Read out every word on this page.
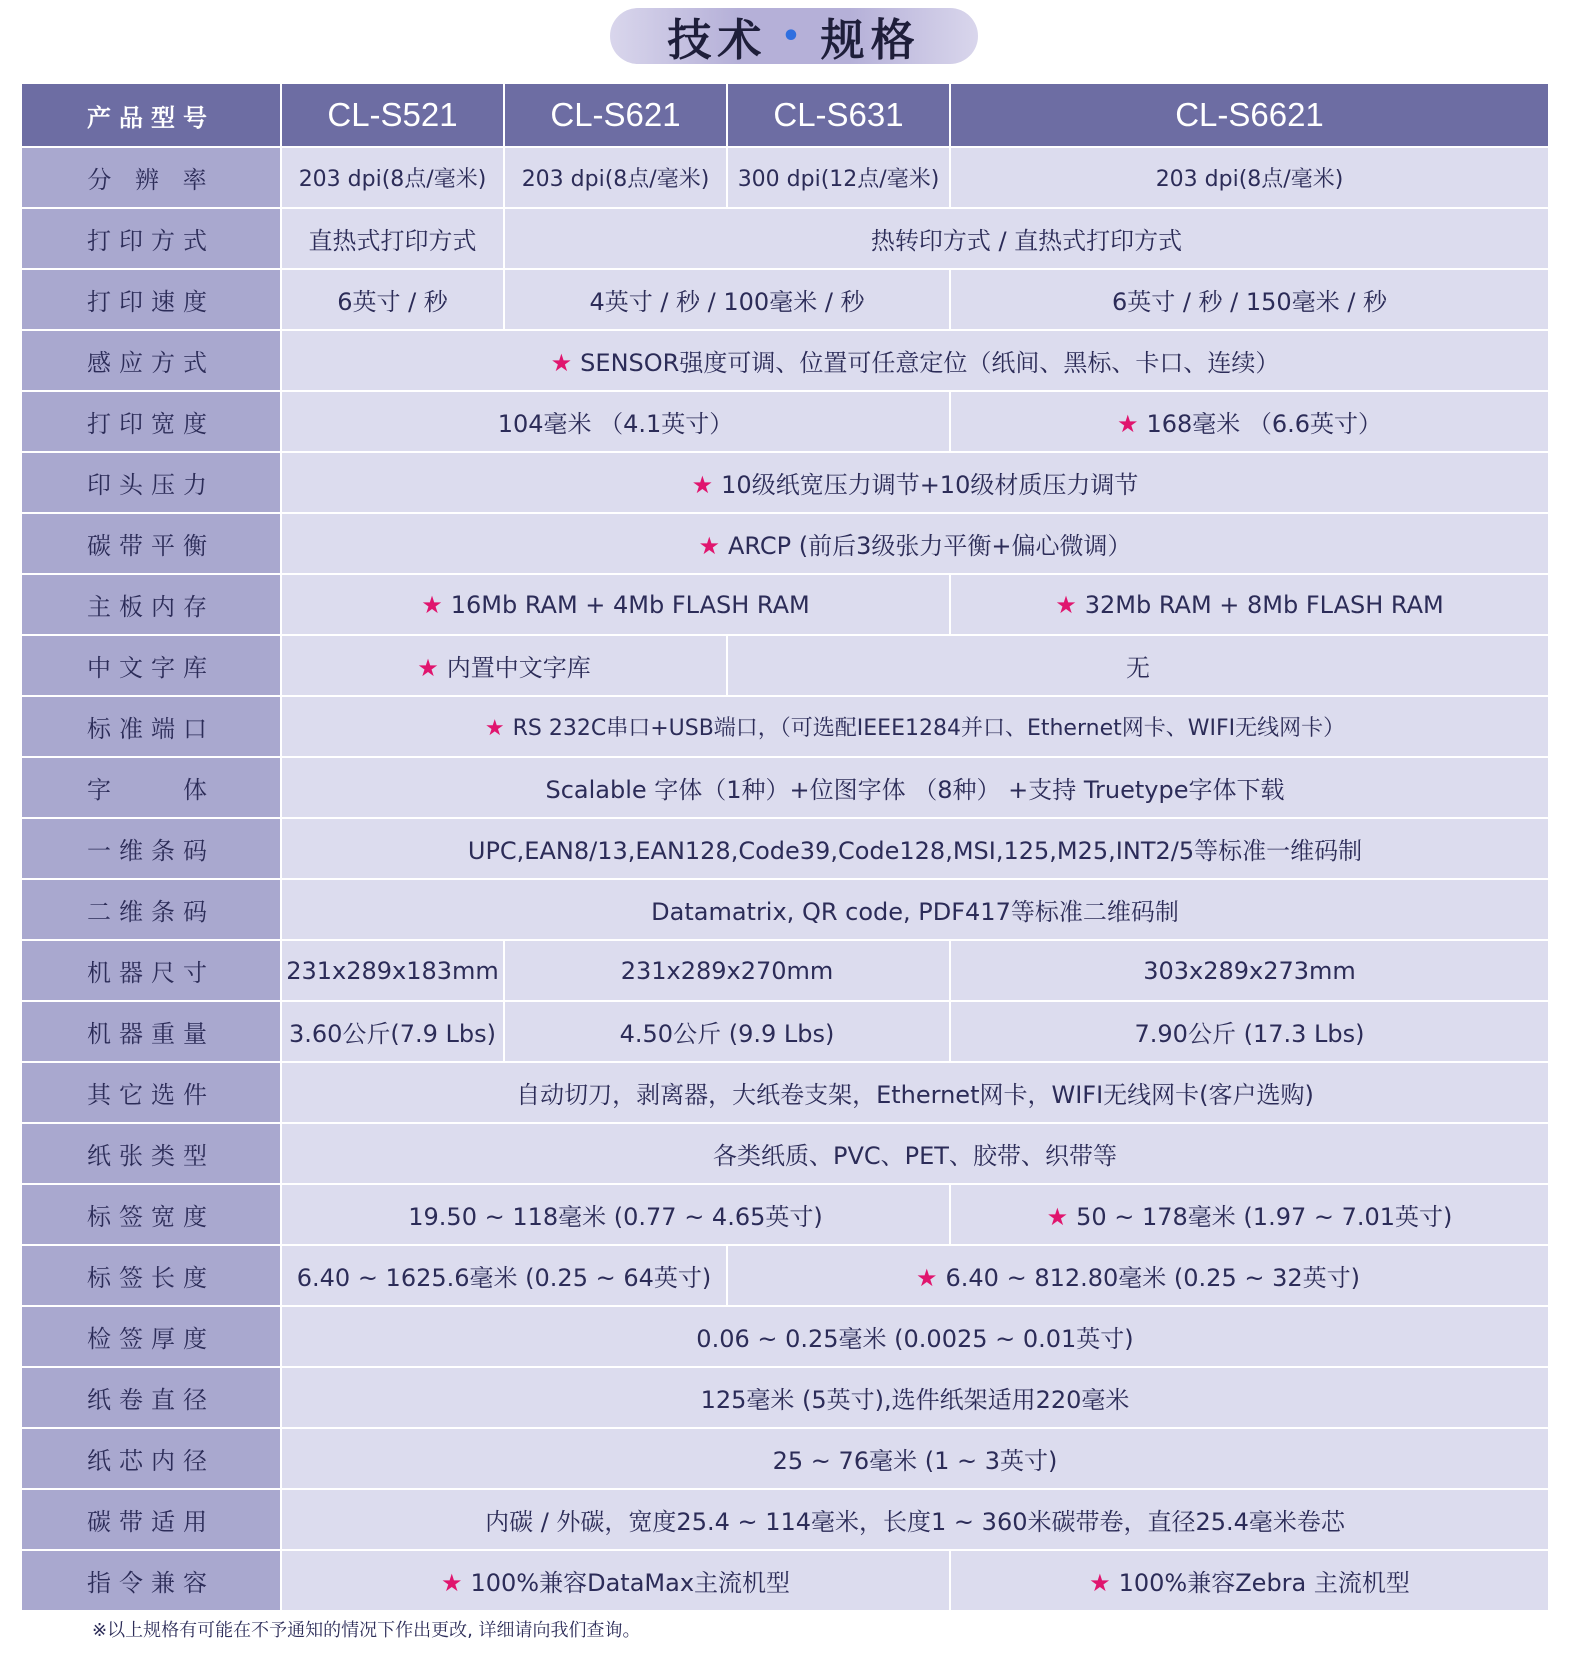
技术 • 规格
产品型号	CL-S521	CL-S621	CL-S631	CL-S6621
分 辨 率	203 dpi(8点/毫米)	203 dpi(8点/毫米)	300 dpi(12点/毫米)	203 dpi(8点/毫米)
打印方式	直热式打印方式	热转印方式 / 直热式打印方式		
打印速度	6英寸 / 秒	4英寸 / 秒 / 100毫米 / 秒		6英寸 / 秒 / 150毫米 / 秒
感应方式	★ SENSOR强度可调、位置可任意定位（纸间、黑标、卡口、连续）			
打印宽度	104毫米 （4.1英寸）			★ 168毫米 （6.6英寸）
印头压力	★ 10级纸宽压力调节+10级材质压力调节			
碳带平衡	★ ARCP (前后3级张力平衡+偏心微调）			
主板内存	★ 16Mb RAM + 4Mb FLASH RAM			★ 32Mb RAM + 8Mb FLASH RAM
中文字库	★ 内置中文字库		无	
标准端口	★ RS 232C串口+USB端口，（可选配IEEE1284并口、Ethernet网卡、WIFI无线网卡）			
字　　体	Scalable 字体（1种）+位图字体 （8种） +支持 Truetype字体下载			
一维条码	UPC,EAN8/13,EAN128,Code39,Code128,MSI,125,M25,INT2/5等标准一维码制			
二维条码	Datamatrix, QR code, PDF417等标准二维码制			
机器尺寸	231x289x183mm	231x289x270mm		303x289x273mm
机器重量	3.60公斤(7.9 Lbs)	4.50公斤 (9.9 Lbs)		7.90公斤 (17.3 Lbs)
其它选件	自动切刀，剥离器，大纸卷支架，Ethernet网卡，WIFI无线网卡(客户选购)			
纸张类型	各类纸质、PVC、PET、胶带、织带等			
标签宽度	19.50 ~ 118毫米 (0.77 ~ 4.65英寸)			★ 50 ~ 178毫米 (1.97 ~ 7.01英寸)
标签长度	6.40 ~ 1625.6毫米 (0.25 ~ 64英寸)		★ 6.40 ~ 812.80毫米 (0.25 ~ 32英寸)	
检签厚度	0.06 ~ 0.25毫米 (0.0025 ~ 0.01英寸)			
纸卷直径	125毫米 (5英寸),选件纸架适用220毫米			
纸芯内径	25 ~ 76毫米 (1 ~ 3英寸)			
碳带适用	内碳 / 外碳，宽度25.4 ~ 114毫米，长度1 ~ 360米碳带卷，直径25.4毫米卷芯			
指令兼容	★ 100%兼容DataMax主流机型			★ 100%兼容Zebra 主流机型
※以上规格有可能在不予通知的情况下作出更改, 详细请向我们查询。
